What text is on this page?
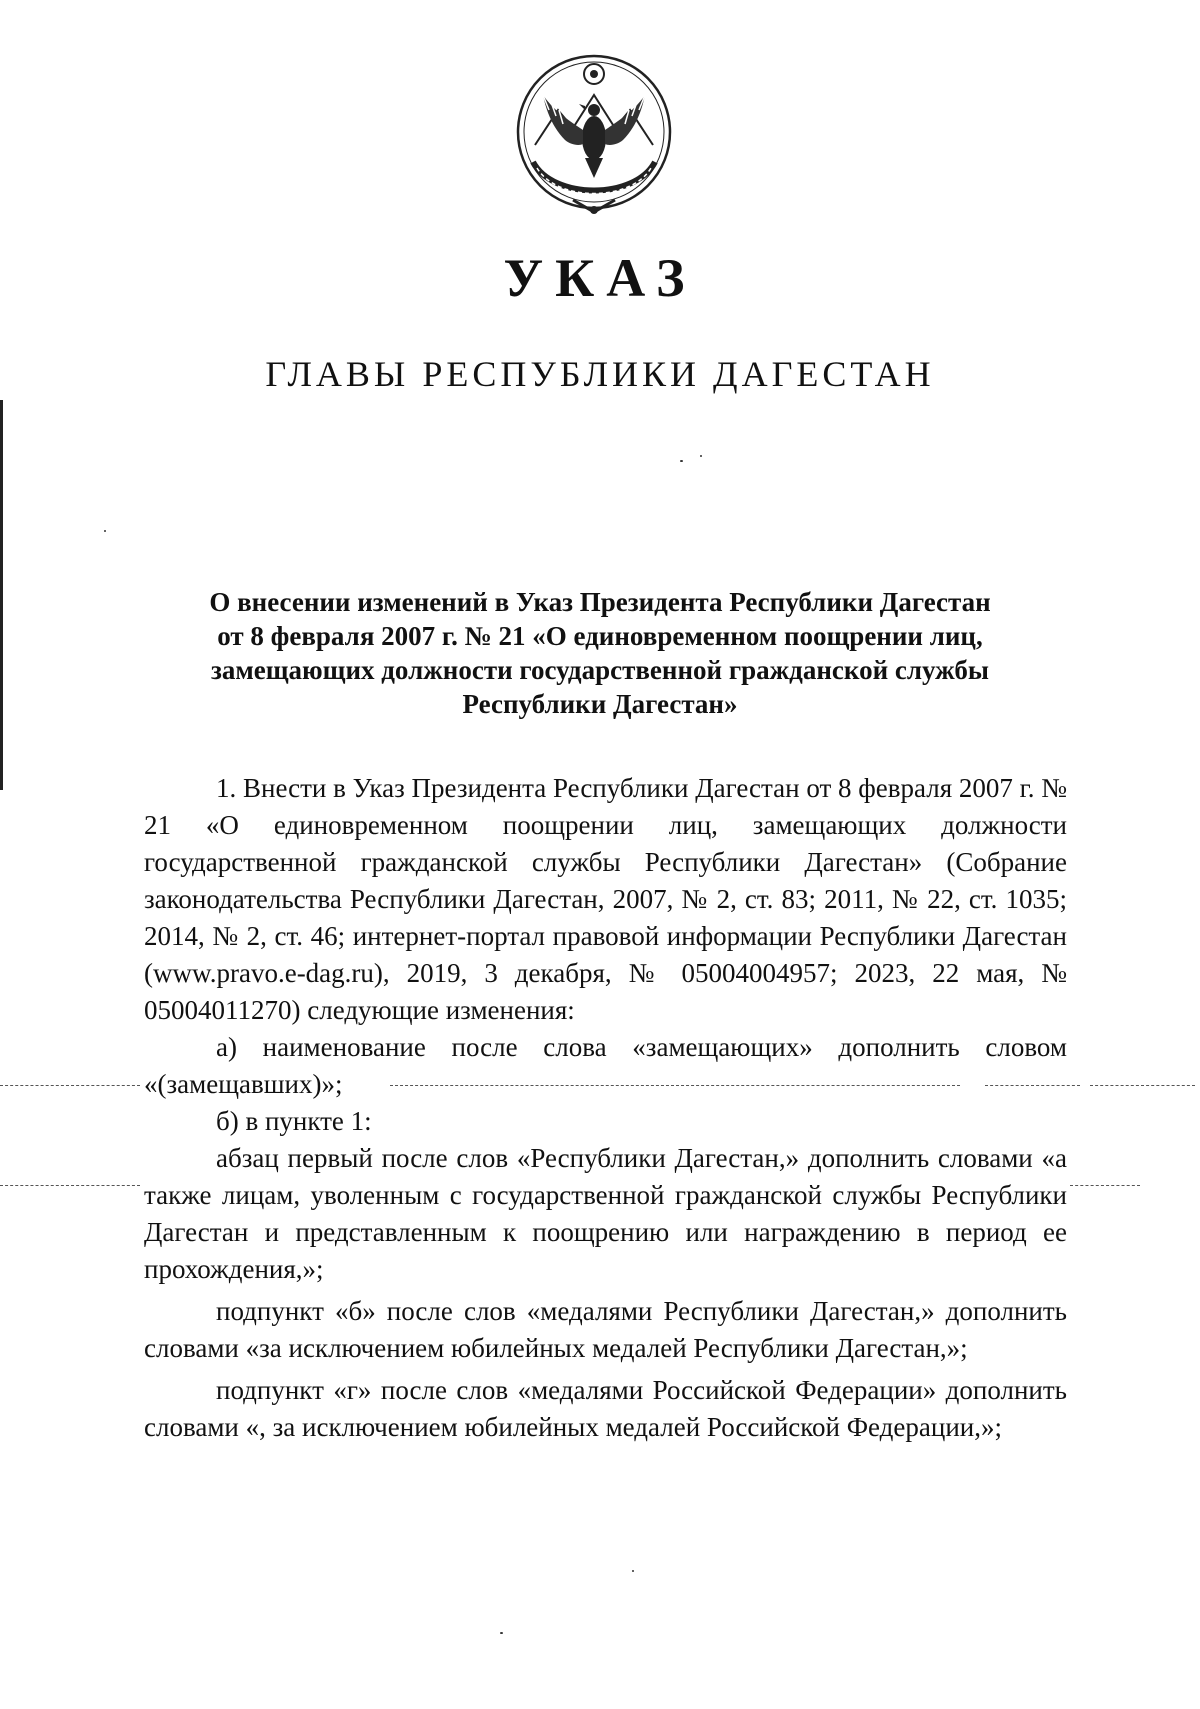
УКАЗ
ГЛАВЫ РЕСПУБЛИКИ ДАГЕСТАН
О внесении изменений в Указ Президента Республики Дагестан
от 8 февраля 2007 г. № 21 «О единовременном поощрении лиц,
замещающих должности государственной гражданской службы
Республики Дагестан»

1. Внести в Указ Президента Республики Дагестан от 8 февраля 2007 г. № 21 «О единовременном поощрении лиц, замещающих должности государственной гражданской службы Республики Дагестан» (Собрание законодательства Республики Дагестан, 2007, № 2, ст. 83; 2011, № 22, ст. 1035; 2014, № 2, ст. 46; интернет-портал правовой информации Республики Дагестан (www.pravo.e-dag.ru), 2019, 3 декабря, № 05004004957; 2023, 22 мая, № 05004011270) следующие изменения:

а) наименование после слова «замещающих» дополнить словом «(замещавших)»;

б) в пункте 1:

абзац первый после слов «Республики Дагестан,» дополнить словами «а также лицам, уволенным с государственной гражданской службы Республики Дагестан и представленным к поощрению или награждению в период ее прохождения,»;

подпункт «б» после слов «медалями Республики Дагестан,» дополнить словами «за исключением юбилейных медалей Республики Дагестан,»;

подпункт «г» после слов «медалями Российской Федерации» дополнить словами «, за исключением юбилейных медалей Российской Федерации,»;
